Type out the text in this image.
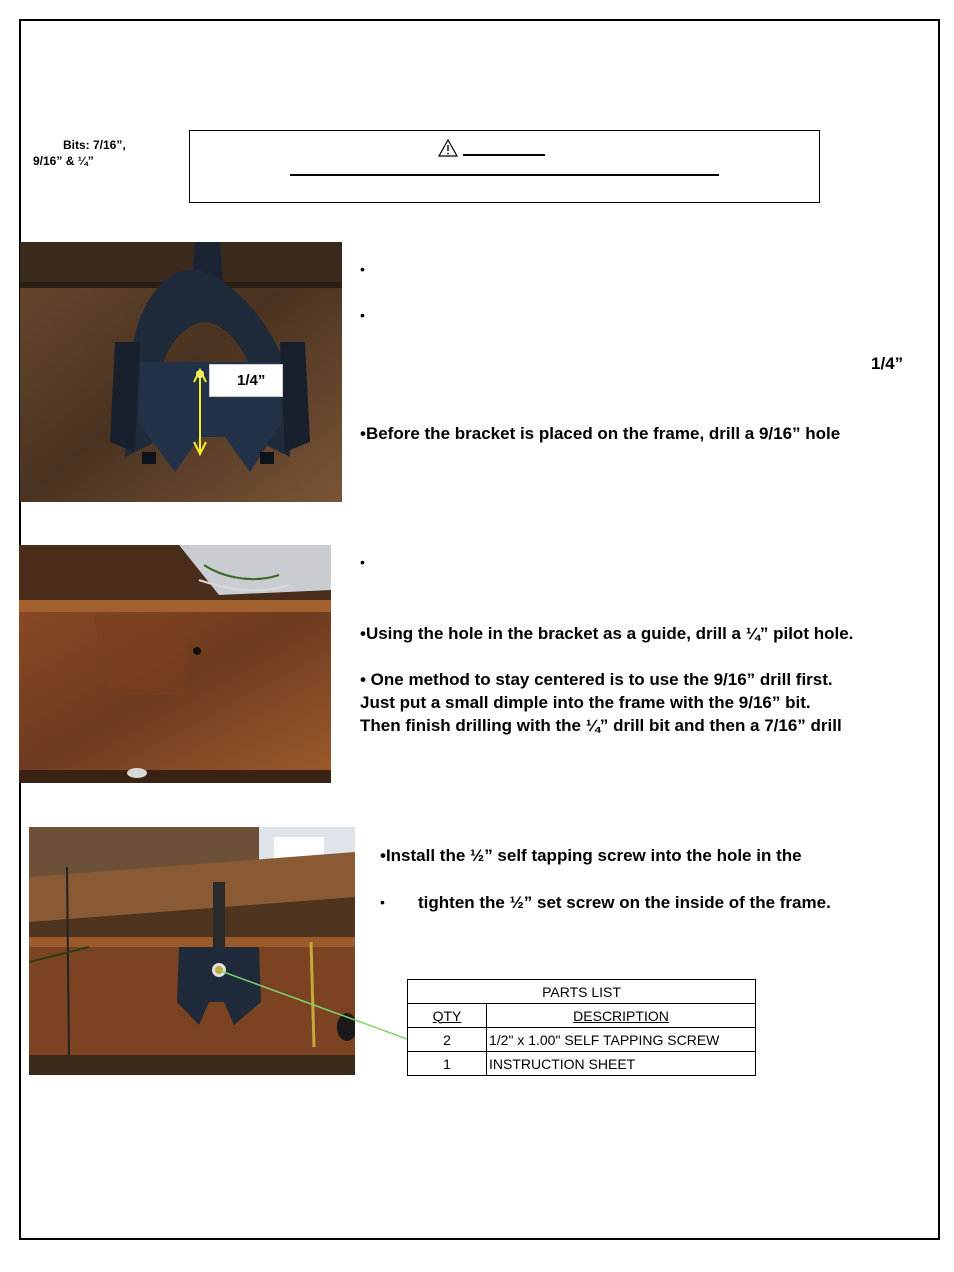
Bits: 7/16”,
9/16” & ¼”
1/4”
•
•
1/4”
•Before the bracket is placed on the frame, drill a 9/16” hole
•
•Using the hole in the bracket as a guide, drill a ¼” pilot hole.
• One method to stay centered is to use the 9/16” drill first.
Just put a small dimple into the frame with the 9/16” bit.
Then finish drilling with the ¼” drill bit and then a 7/16” drill
•Install the ½” self tapping screw into the hole in the
• tighten the ½” set screw on the inside of the frame.
PARTS LIST	
QTY	DESCRIPTION
2	1/2" x 1.00" SELF TAPPING SCREW
1	INSTRUCTION SHEET
